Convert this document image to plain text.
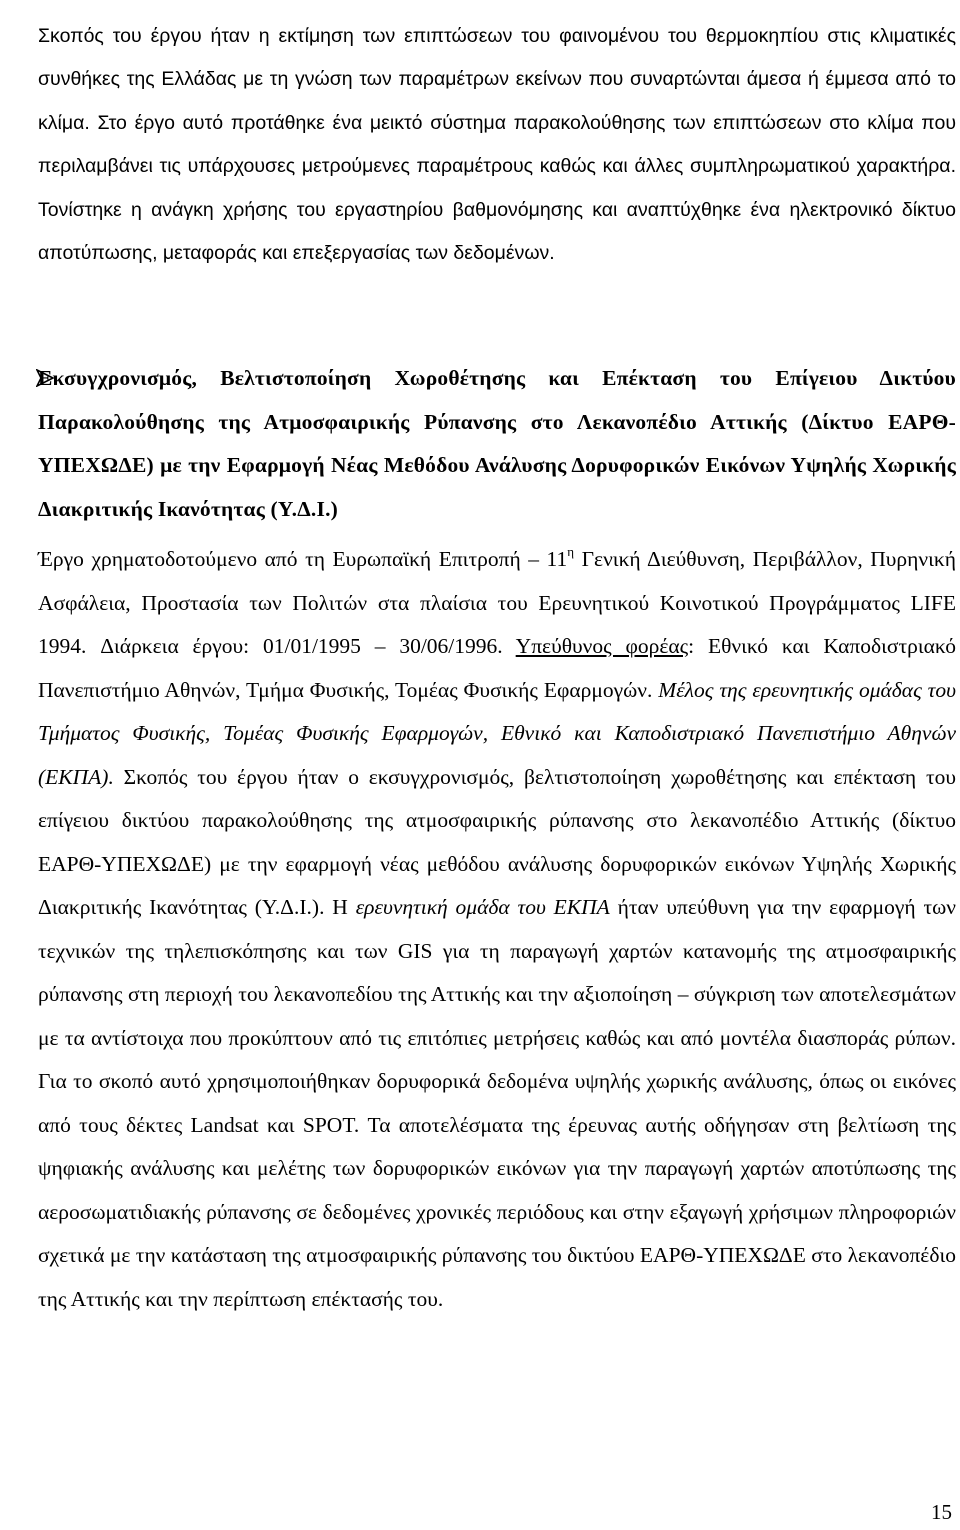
Σκοπός του έργου ήταν η εκτίμηση των επιπτώσεων του φαινομένου του θερμοκηπίου στις κλιματικές συνθήκες της Ελλάδας με τη γνώση των παραμέτρων εκείνων που συναρτώνται άμεσα ή έμμεσα από το κλίμα. Στο έργο αυτό προτάθηκε ένα μεικτό σύστημα παρακολούθησης των επιπτώσεων στο κλίμα που περιλαμβάνει τις υπάρχουσες μετρούμενες παραμέτρους καθώς και άλλες συμπληρωματικού χαρακτήρα. Τονίστηκε η ανάγκη χρήσης του εργαστηρίου βαθμονόμησης και αναπτύχθηκε ένα ηλεκτρονικό δίκτυο αποτύπωσης, μεταφοράς και επεξεργασίας των δεδομένων.

Εκσυγχρονισμός, Βελτιστοποίηση Χωροθέτησης και Επέκταση του Επίγειου Δικτύου Παρακολούθησης της Ατμοσφαιρικής Ρύπανσης στο Λεκανοπέδιο Αττικής (Δίκτυο ΕΑΡΘ-ΥΠΕΧΩΔΕ) με την Εφαρμογή Νέας Μεθόδου Ανάλυσης Δορυφορικών Εικόνων Υψηλής Χωρικής Διακριτικής Ικανότητας (Υ.Δ.Ι.)
Έργο χρηματοδοτούμενο από τη Ευρωπαϊκή Επιτροπή – $11^\eta$ Γενική Διεύθυνση, Περιβάλλον, Πυρηνική Ασφάλεια, Προστασία των Πολιτών στα πλαίσια του Ερευνητικού Κοινοτικού Προγράμματος LIFE 1994. Διάρκεια έργου: 01/01/1995 – 30/06/1996. Υπεύθυνος φορέας: Εθνικό και Καποδιστριακό Πανεπιστήμιο Αθηνών, Τμήμα Φυσικής, Τομέας Φυσικής Εφαρμογών. Μέλος της ερευνητικής ομάδας του Τμήματος Φυσικής, Τομέας Φυσικής Εφαρμογών, Εθνικό και Καποδιστριακό Πανεπιστήμιο Αθηνών (ΕΚΠΑ). Σκοπός του έργου ήταν ο εκσυγχρονισμός, βελτιστοποίηση χωροθέτησης και επέκταση του επίγειου δικτύου παρακολούθησης της ατμοσφαιρικής ρύπανσης στο λεκανοπέδιο Αττικής (δίκτυο ΕΑΡΘ-ΥΠΕΧΩΔΕ) με την εφαρμογή νέας μεθόδου ανάλυσης δορυφορικών εικόνων Υψηλής Χωρικής Διακριτικής Ικανότητας (Υ.Δ.Ι.). Η ερευνητική ομάδα του ΕΚΠΑ ήταν υπεύθυνη για την εφαρμογή των τεχνικών της τηλεπισκόπησης και των GIS για τη παραγωγή χαρτών κατανομής της ατμοσφαιρικής ρύπανσης στη περιοχή του λεκανοπεδίου της Αττικής και την αξιοποίηση – σύγκριση των αποτελεσμάτων με τα αντίστοιχα που προκύπτουν από τις επιτόπιες μετρήσεις καθώς και από μοντέλα διασποράς ρύπων. Για το σκοπό αυτό χρησιμοποιήθηκαν δορυφορικά δεδομένα υψηλής χωρικής ανάλυσης, όπως οι εικόνες από τους δέκτες Landsat και SPOT. Τα αποτελέσματα της έρευνας αυτής οδήγησαν στη βελτίωση της ψηφιακής ανάλυσης και μελέτης των δορυφορικών εικόνων για την παραγωγή χαρτών αποτύπωσης της αεροσωματιδιακής ρύπανσης σε δεδομένες χρονικές περιόδους και στην εξαγωγή χρήσιμων πληροφοριών σχετικά με την κατάσταση της ατμοσφαιρικής ρύπανσης του δικτύου ΕΑΡΘ-ΥΠΕΧΩΔΕ στο λεκανοπέδιο της Αττικής και την περίπτωση επέκτασής του.
15
